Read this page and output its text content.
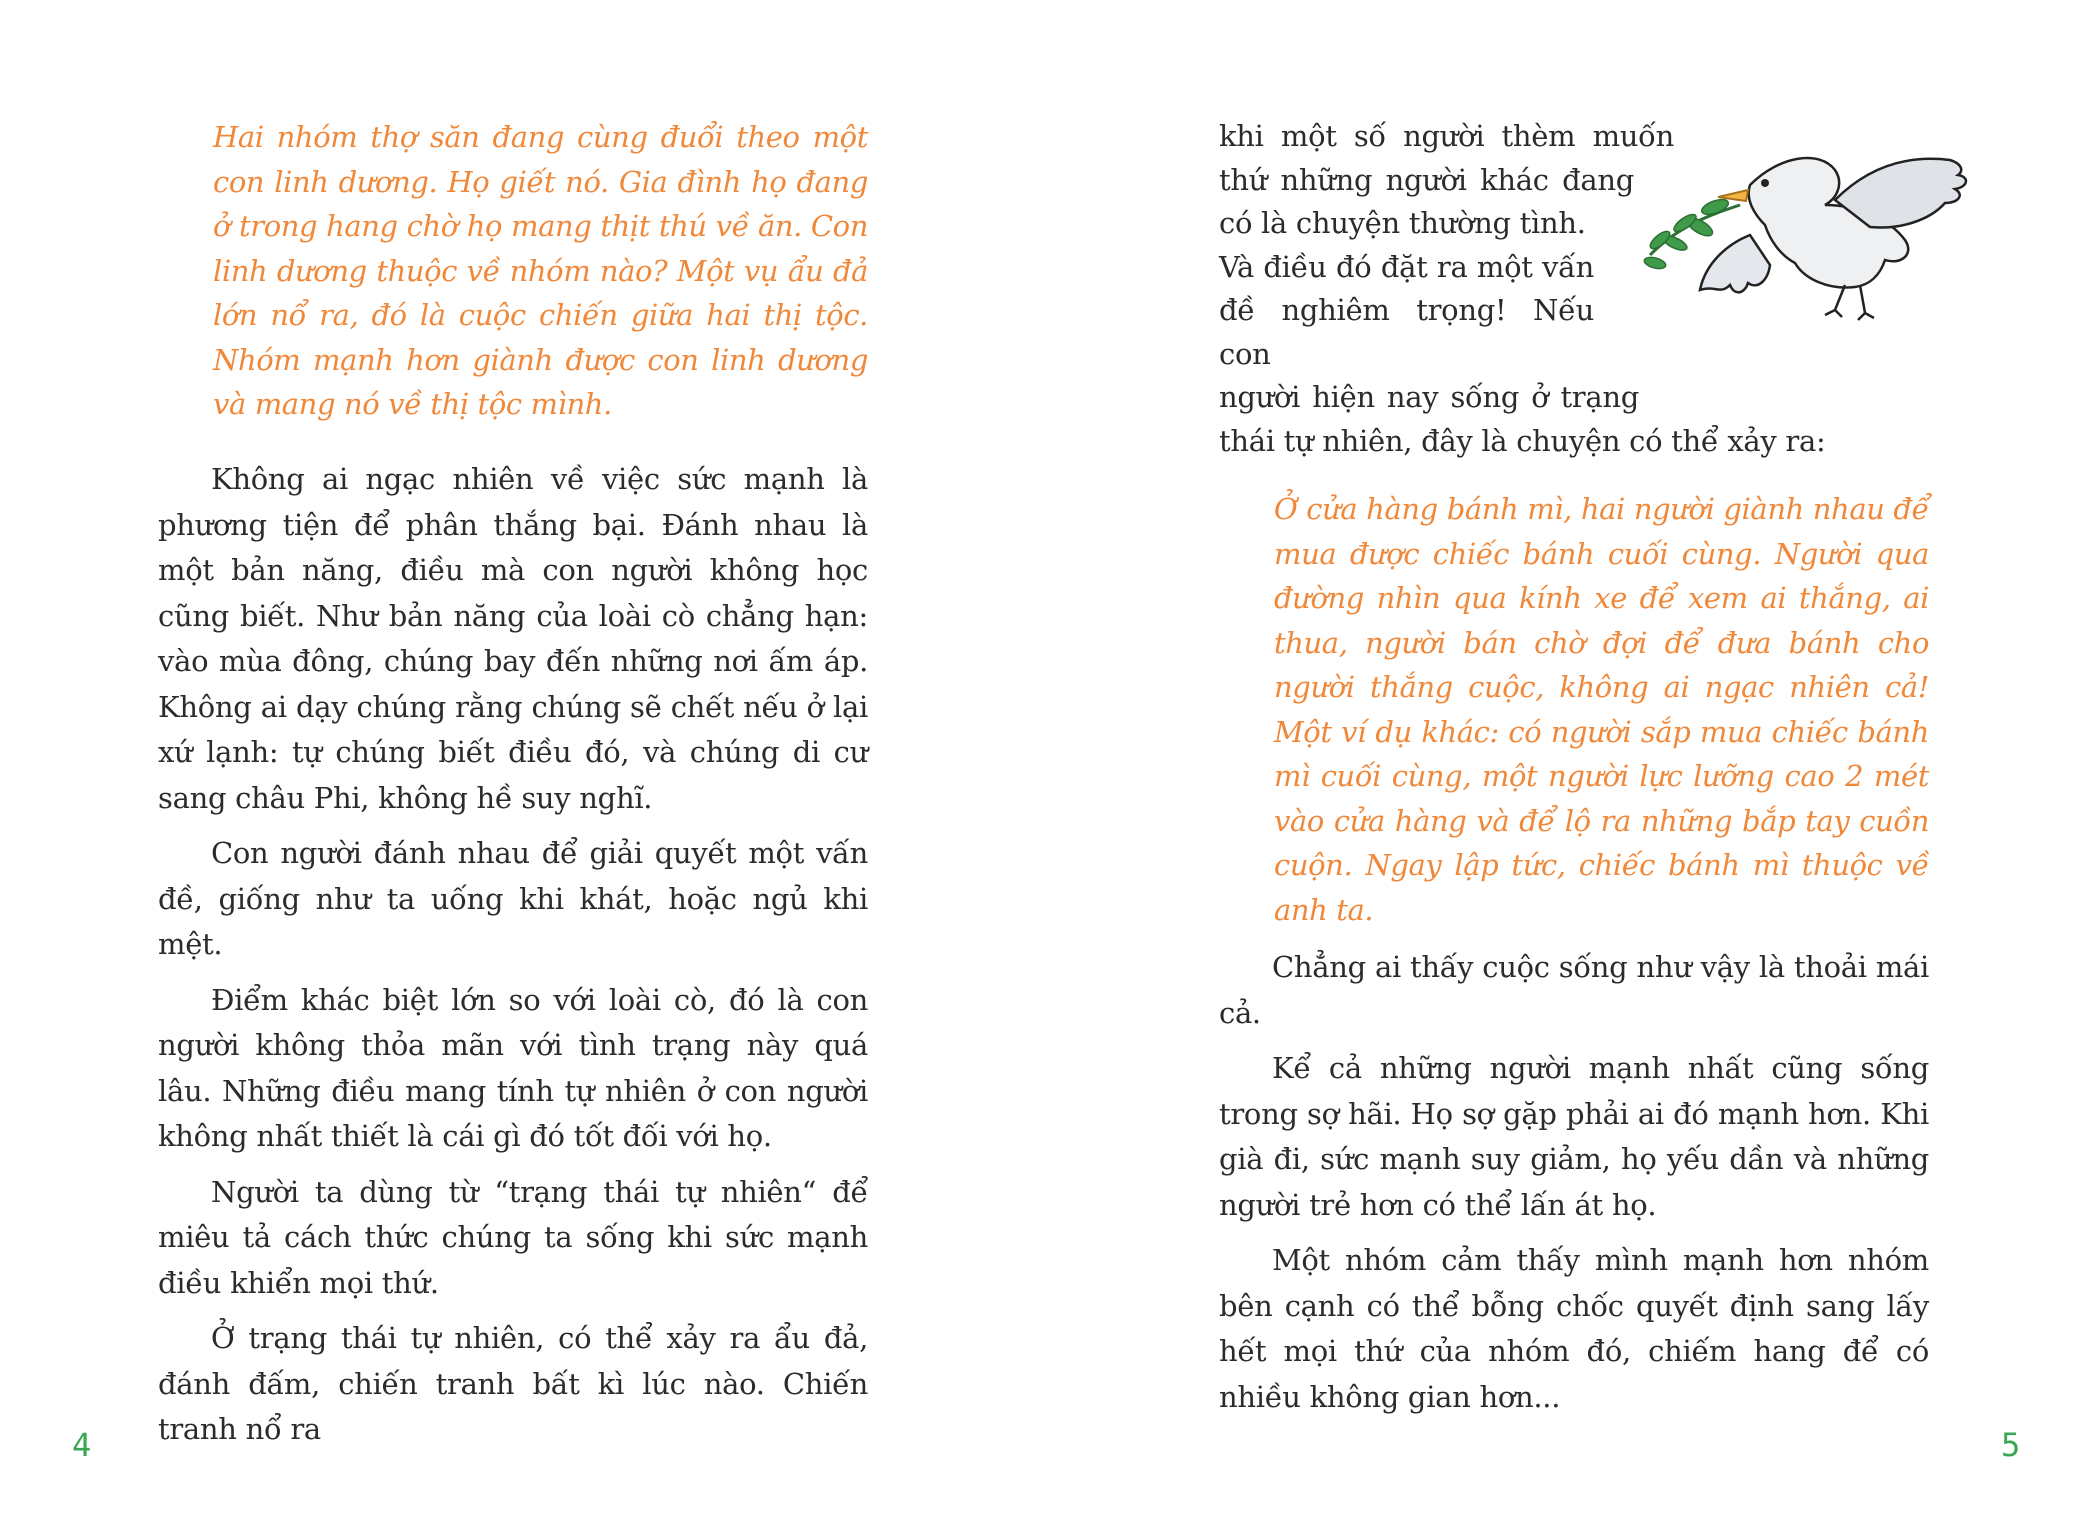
Hai nhóm thợ săn đang cùng đuổi theo một con linh dương. Họ giết nó. Gia đình họ đang ở trong hang chờ họ mang thịt thú về ăn. Con linh dương thuộc về nhóm nào? Một vụ ẩu đả lớn nổ ra, đó là cuộc chiến giữa hai thị tộc. Nhóm mạnh hơn giành được con linh dương và mang nó về thị tộc mình.

Không ai ngạc nhiên về việc sức mạnh là phương tiện để phân thắng bại. Đánh nhau là một bản năng, điều mà con người không học cũng biết. Như bản năng của loài cò chẳng hạn: vào mùa đông, chúng bay đến những nơi ấm áp. Không ai dạy chúng rằng chúng sẽ chết nếu ở lại xứ lạnh: tự chúng biết điều đó, và chúng di cư sang châu Phi, không hề suy nghĩ.

Con người đánh nhau để giải quyết một vấn đề, giống như ta uống khi khát, hoặc ngủ khi mệt.

Điểm khác biệt lớn so với loài cò, đó là con người không thỏa mãn với tình trạng này quá lâu. Những điều mang tính tự nhiên ở con người không nhất thiết là cái gì đó tốt đối với họ.

Người ta dùng từ “trạng thái tự nhiên“ để miêu tả cách thức chúng ta sống khi sức mạnh điều khiển mọi thứ.

Ở trạng thái tự nhiên, có thể xảy ra ẩu đả, đánh đấm, chiến tranh bất kì lúc nào. Chiến tranh nổ ra

4

khi một số người thèm muốn

thứ những người khác đang

có là chuyện thường tình.

Và điều đó đặt ra một vấn

đề nghiêm trọng! Nếu con

người hiện nay sống ở trạng

thái tự nhiên, đây là chuyện có thể xảy ra:

Ở cửa hàng bánh mì, hai người giành nhau để mua được chiếc bánh cuối cùng. Người qua đường nhìn qua kính xe để xem ai thắng, ai thua, người bán chờ đợi để đưa bánh cho người thắng cuộc, không ai ngạc nhiên cả! Một ví dụ khác: có người sắp mua chiếc bánh mì cuối cùng, một người lực lưỡng cao 2 mét vào cửa hàng và để lộ ra những bắp tay cuồn cuộn. Ngay lập tức, chiếc bánh mì thuộc về anh ta.

Chẳng ai thấy cuộc sống như vậy là thoải mái cả.

Kể cả những người mạnh nhất cũng sống trong sợ hãi. Họ sợ gặp phải ai đó mạnh hơn. Khi già đi, sức mạnh suy giảm, họ yếu dần và những người trẻ hơn có thể lấn át họ.

Một nhóm cảm thấy mình mạnh hơn nhóm bên cạnh có thể bỗng chốc quyết định sang lấy hết mọi thứ của nhóm đó, chiếm hang để có nhiều không gian hơn...

5
